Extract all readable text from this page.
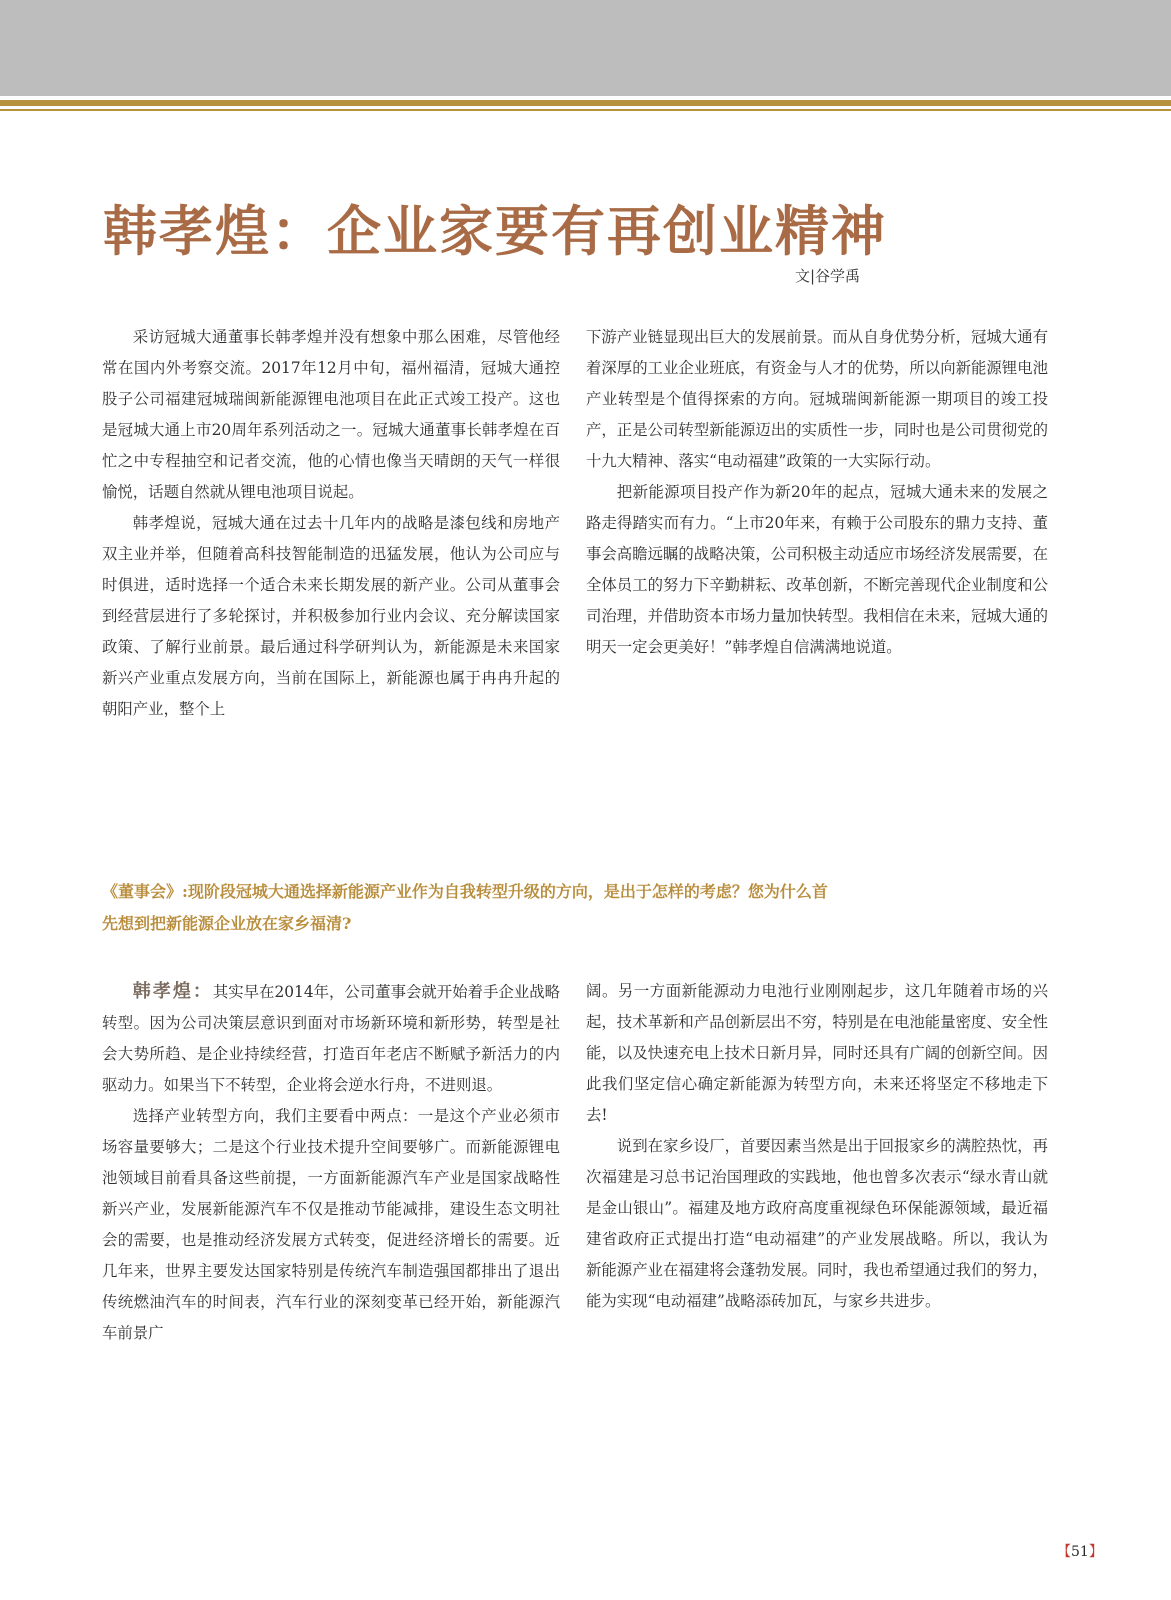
韩孝煌：企业家要有再创业精神
文|谷学禹

采访冠城大通董事长韩孝煌并没有想象中那么困难，尽管他经常在国内外考察交流。2017年12月中旬，福州福清，冠城大通控股子公司福建冠城瑞闽新能源锂电池项目在此正式竣工投产。这也是冠城大通上市20周年系列活动之一。冠城大通董事长韩孝煌在百忙之中专程抽空和记者交流，他的心情也像当天晴朗的天气一样很愉悦，话题自然就从锂电池项目说起。

韩孝煌说，冠城大通在过去十几年内的战略是漆包线和房地产双主业并举，但随着高科技智能制造的迅猛发展，他认为公司应与时俱进，适时选择一个适合未来长期发展的新产业。公司从董事会到经营层进行了多轮探讨，并积极参加行业内会议、充分解读国家政策、了解行业前景。最后通过科学研判认为，新能源是未来国家新兴产业重点发展方向，当前在国际上，新能源也属于冉冉升起的朝阳产业，整个上

下游产业链显现出巨大的发展前景。而从自身优势分析，冠城大通有着深厚的工业企业班底，有资金与人才的优势，所以向新能源锂电池产业转型是个值得探索的方向。冠城瑞闽新能源一期项目的竣工投产，正是公司转型新能源迈出的实质性一步，同时也是公司贯彻党的十九大精神、落实“电动福建”政策的一大实际行动。

把新能源项目投产作为新20年的起点，冠城大通未来的发展之路走得踏实而有力。“上市20年来，有赖于公司股东的鼎力支持、董事会高瞻远瞩的战略决策，公司积极主动适应市场经济发展需要，在全体员工的努力下辛勤耕耘、改革创新，不断完善现代企业制度和公司治理，并借助资本市场力量加快转型。我相信在未来，冠城大通的明天一定会更美好！”韩孝煌自信满满地说道。

《董事会》:现阶段冠城大通选择新能源产业作为自我转型升级的方向，是出于怎样的考虑？您为什么首先想到把新能源企业放在家乡福清?

韩孝煌：其实早在2014年，公司董事会就开始着手企业战略转型。因为公司决策层意识到面对市场新环境和新形势，转型是社会大势所趋、是企业持续经营，打造百年老店不断赋予新活力的内驱动力。如果当下不转型，企业将会逆水行舟，不进则退。

选择产业转型方向，我们主要看中两点：一是这个产业必须市场容量要够大；二是这个行业技术提升空间要够广。而新能源锂电池领域目前看具备这些前提，一方面新能源汽车产业是国家战略性新兴产业，发展新能源汽车不仅是推动节能减排，建设生态文明社会的需要，也是推动经济发展方式转变，促进经济增长的需要。近几年来，世界主要发达国家特别是传统汽车制造强国都排出了退出传统燃油汽车的时间表，汽车行业的深刻变革已经开始，新能源汽车前景广

阔。另一方面新能源动力电池行业刚刚起步，这几年随着市场的兴起，技术革新和产品创新层出不穷，特别是在电池能量密度、安全性能，以及快速充电上技术日新月异，同时还具有广阔的创新空间。因此我们坚定信心确定新能源为转型方向，未来还将坚定不移地走下去!

说到在家乡设厂，首要因素当然是出于回报家乡的满腔热忱，再次福建是习总书记治国理政的实践地，他也曾多次表示“绿水青山就是金山银山”。福建及地方政府高度重视绿色环保能源领域，最近福建省政府正式提出打造“电动福建”的产业发展战略。所以，我认为新能源产业在福建将会蓬勃发展。同时，我也希望通过我们的努力，能为实现“电动福建”战略添砖加瓦，与家乡共进步。

【51】
